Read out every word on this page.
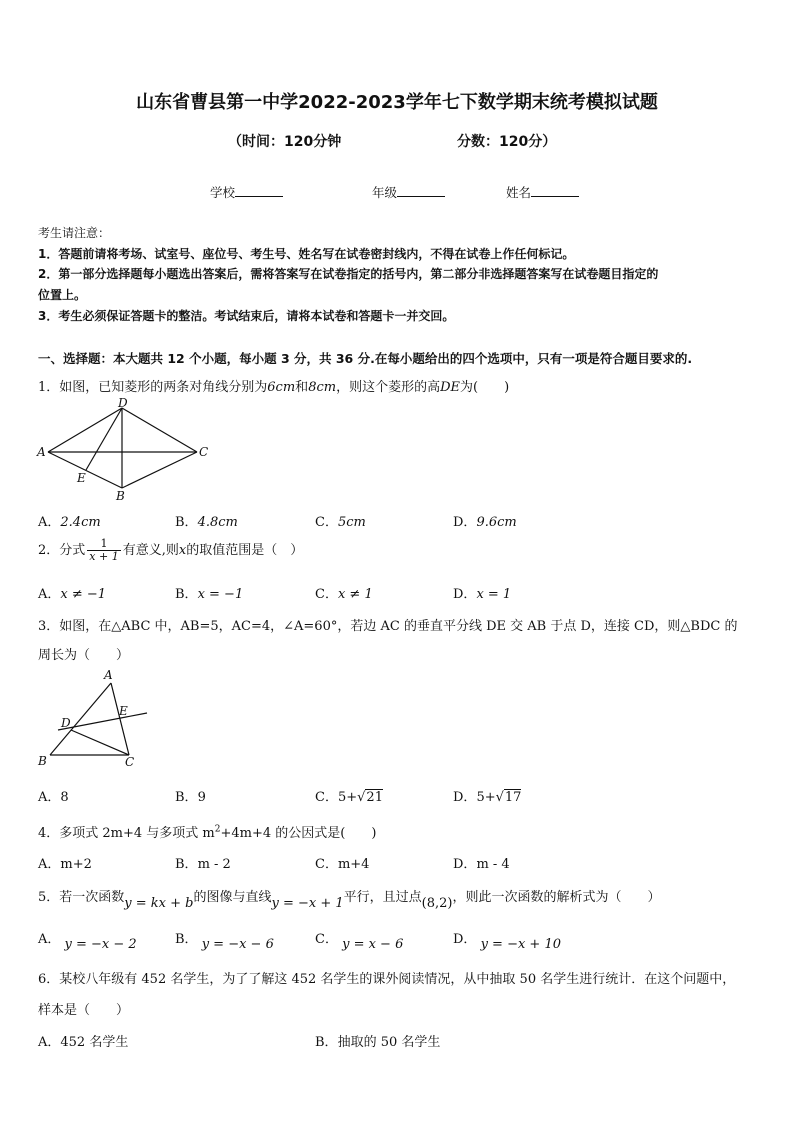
山东省曹县第一中学2022-2023学年七下数学期末统考模拟试题
（时间：120分钟	分数：120分）
学校	年级	姓名
考生请注意：
1．答题前请将考场、试室号、座位号、考生号、姓名写在试卷密封线内，不得在试卷上作任何标记。
2．第一部分选择题每小题选出答案后，需将答案写在试卷指定的括号内，第二部分非选择题答案写在试卷题目指定的
位置上。
3．考生必须保证答题卡的整洁。考试结束后，请将本试卷和答题卡一并交回。
一、选择题：本大题共 12 个小题，每小题 3 分，共 36 分.在每小题给出的四个选项中，只有一项是符合题目要求的.
1．如图，已知菱形的两条对角线分别为6cm和8cm，则这个菱形的高DE为(　　)
D
A	C
E
B
A．2.4cm	B．4.8cm	C．5cm	D．9.6cm
2．分式 $\frac{1}{x + 1}$ 有意义,则x的取值范围是（　）
A．x ≠ −1	B．x = −1	C．x ≠ 1	D．x = 1
3．如图，在△ABC 中，AB=5，AC=4，∠A=60°，若边 AC 的垂直平分线 DE 交 AB 于点 D，连接 CD，则△BDC 的
周长为（　　）
A
D
E
B	C
A．8	B．9	C．5+√21	D．5+√17
4．多项式 2m+4 与多项式 $m^2+4m+4$ 的公因式是(　　)
A．m+2	B．m - 2	C．m+4	D．m - 4
5．若一次函数y = kx + b的图像与直线y = −x + 1平行，且过点(8,2)，则此一次函数的解析式为（　　）
A． y = −x − 2	B． y = −x − 6	C． y = x − 6	D． y = −x + 10
6．某校八年级有 452 名学生，为了了解这 452 名学生的课外阅读情况，从中抽取 50 名学生进行统计．在这个问题中，
样本是（　　）
A．452 名学生	B．抽取的 50 名学生
